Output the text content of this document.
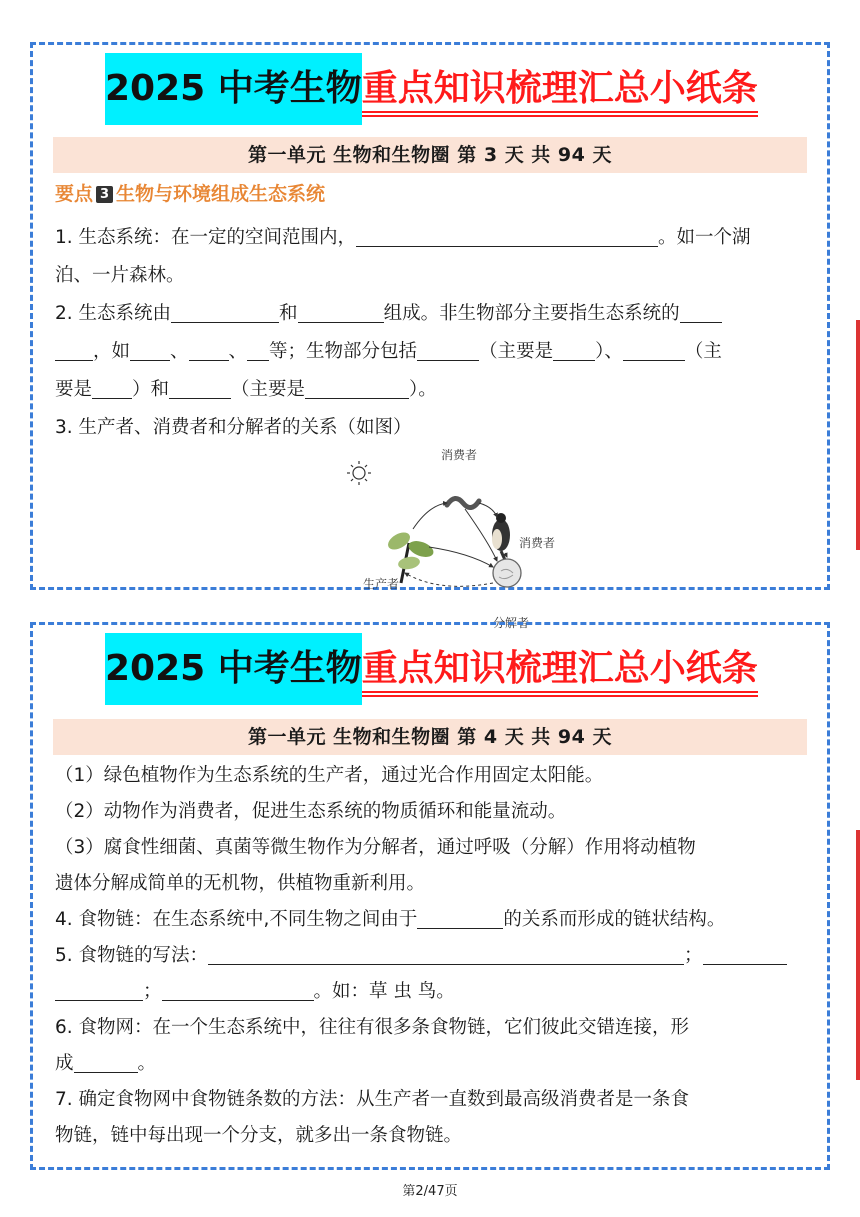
2025 中考生物 重点知识梳理汇总小纸条
第一单元 生物和生物圈 第 3 天 共 94 天
要点 3 生物与环境组成生态系统
1. 生态系统：在一定的空间范围内，	。如一个湖
泊、一片森林。
2. 生态系统由	和	组成。非生物部分主要指生态系统的
，如 、 、 等；生物部分包括	（主要是 ）、	（主
要是 ）和	（主要是	）。
3. 生产者、消费者和分解者的关系（如图）
消费者
消费者
生产者
分解者
2025 中考生物 重点知识梳理汇总小纸条
第一单元 生物和生物圈 第 4 天 共 94 天
（1）绿色植物作为生态系统的生产者，通过光合作用固定太阳能。
（2）动物作为消费者，促进生态系统的物质循环和能量流动。
（3）腐食性细菌、真菌等微生物作为分解者，通过呼吸（分解）作用将动植物
遗体分解成简单的无机物，供植物重新利用。
4. 食物链：在生态系统中,不同生物之间由于	的关系而形成的链状结构。
5. 食物链的写法：	；
；	。如：草 虫 鸟。
6. 食物网：在一个生态系统中，往往有很多条食物链，它们彼此交错连接，形
成	。
7. 确定食物网中食物链条数的方法：从生产者一直数到最高级消费者是一条食
物链，链中每出现一个分支，就多出一条食物链。
第2/47页
